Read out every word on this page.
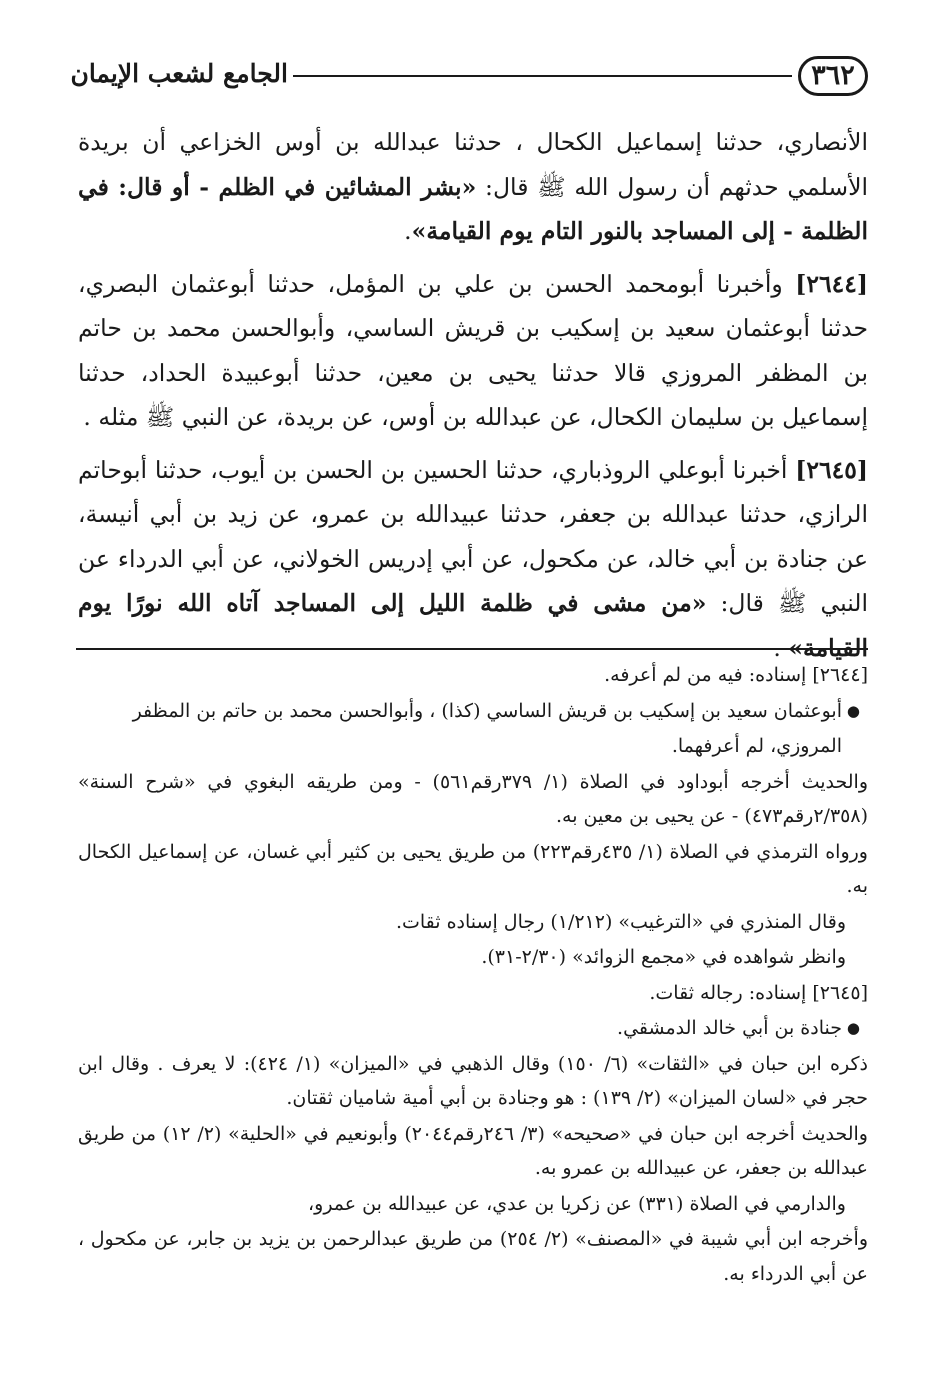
٣٦٢
الجامع لشعب الإيمان

الأنصاري، حدثنا إسماعيل الكحال ، حدثنا عبدالله بن أوس الخزاعي أن بريدة الأسلمي حدثهم أن رسول الله ﷺ قال: «بشر المشائين في الظلم - أو قال: في الظلمة - إلى المساجد بالنور التام يوم القيامة».

[٢٦٤٤] وأخبرنا أبومحمد الحسن بن علي بن المؤمل، حدثنا أبوعثمان البصري، حدثنا أبوعثمان سعيد بن إسكيب بن قريش الساسي، وأبوالحسن محمد بن حاتم بن المظفر المروزي قالا حدثنا يحيى بن معين، حدثنا أبوعبيدة الحداد، حدثنا إسماعيل بن سليمان الكحال، عن عبدالله بن أوس، عن بريدة، عن النبي ﷺ مثله .

[٢٦٤٥] أخبرنا أبوعلي الروذباري، حدثنا الحسين بن الحسن بن أيوب، حدثنا أبوحاتم الرازي، حدثنا عبدالله بن جعفر، حدثنا عبيدالله بن عمرو، عن زيد بن أبي أنيسة، عن جنادة بن أبي خالد، عن مكحول، عن أبي إدريس الخولاني، عن أبي الدرداء عن النبي ﷺ قال: «من مشى في ظلمة الليل إلى المساجد آتاه الله نورًا يوم القيامة» .

[٢٦٤٤] إسناده: فيه من لم أعرفه.
●
أبوعثمان سعيد بن إسكيب بن قريش الساسي (كذا) ، وأبوالحسن محمد بن حاتم بن المظفر
المروزي، لم أعرفهما.
والحديث أخرجه أبوداود في الصلاة (١/ ٣٧٩رقم٥٦١) - ومن طريقه البغوي في «شرح السنة» (٢/٣٥٨رقم٤٧٣) - عن يحيى بن معين به.
ورواه الترمذي في الصلاة (١/ ٤٣٥رقم٢٢٣) من طريق يحيى بن كثير أبي غسان، عن إسماعيل الكحال به.
وقال المنذري في «الترغيب» (١/٢١٢) رجال إسناده ثقات.
وانظر شواهده في «مجمع الزوائد» (٢/٣٠-٣١).
[٢٦٤٥] إسناده: رجاله ثقات.
●
جنادة بن أبي خالد الدمشقي.
ذكره ابن حبان في «الثقات» (٦/ ١٥٠) وقال الذهبي في «الميزان» (١/ ٤٢٤): لا يعرف . وقال ابن حجر في «لسان الميزان» (٢/ ١٣٩) : هو وجنادة بن أبي أمية شاميان ثقتان.
والحديث أخرجه ابن حبان في «صحيحه» (٣/ ٢٤٦رقم٢٠٤٤) وأبونعيم في «الحلية» (٢/ ١٢) من طريق عبدالله بن جعفر، عن عبيدالله بن عمرو به.
والدارمي في الصلاة (٣٣١) عن زكريا بن عدي، عن عبيدالله بن عمرو،
وأخرجه ابن أبي شيبة في «المصنف» (٢/ ٢٥٤) من طريق عبدالرحمن بن يزيد بن جابر، عن مكحول ، عن أبي الدرداء به.
